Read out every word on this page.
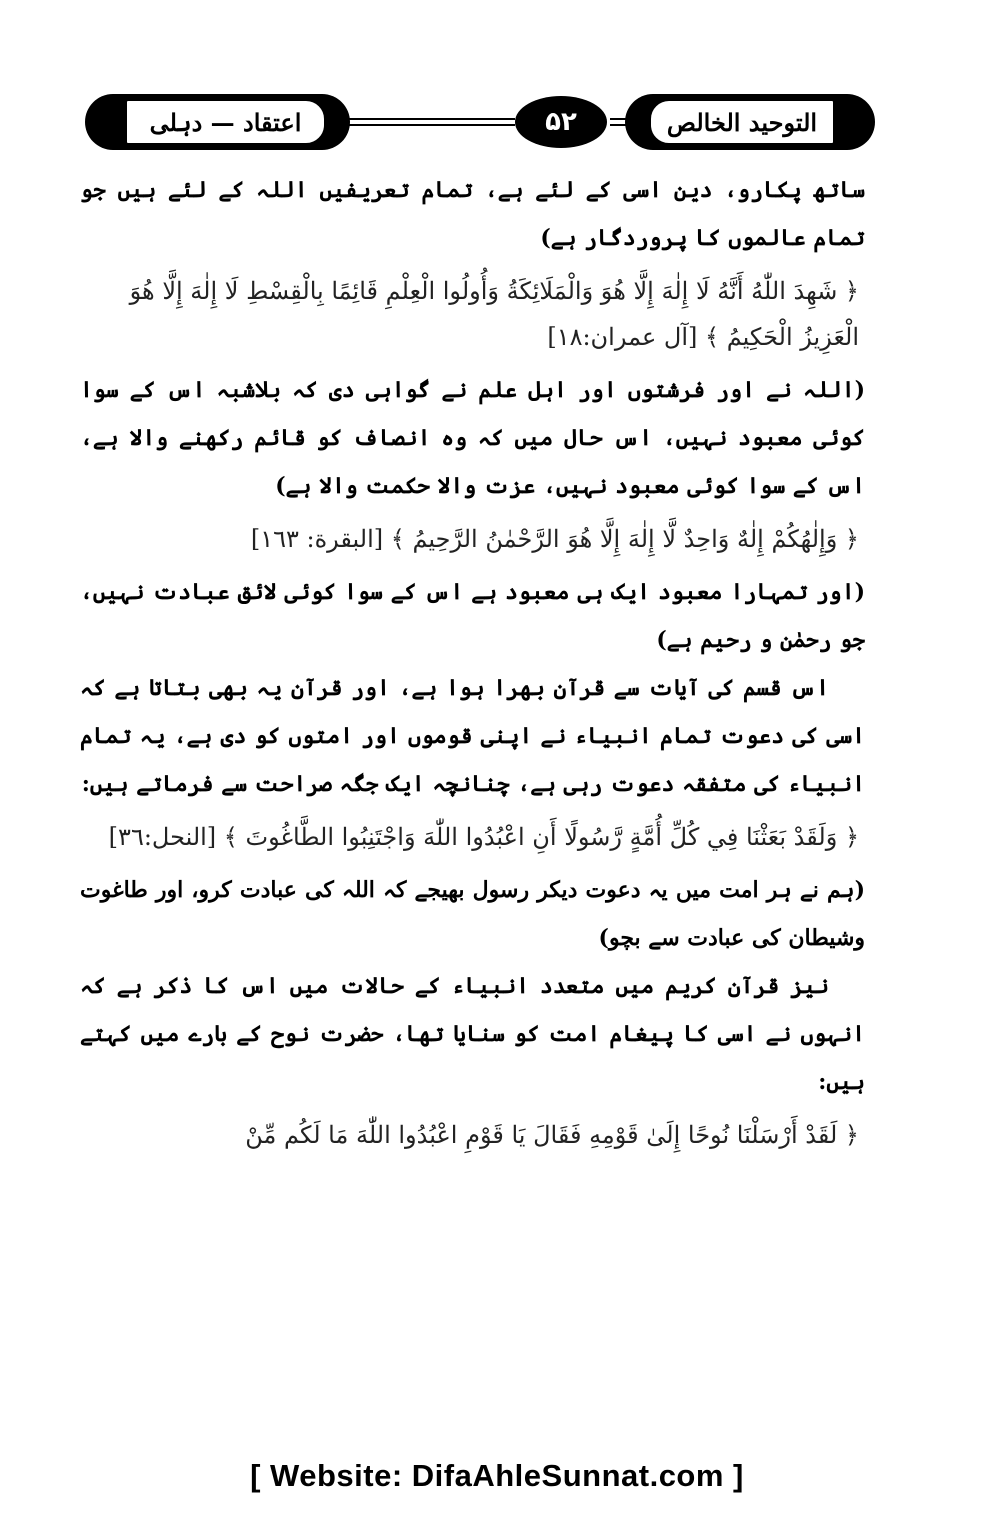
اعتقاد — دہلی	۵۲	التوحید الخالص

ساتھ پکارو، دین اسی کے لئے ہے، تمام تعریفیں اللہ کے لئے ہیں جو تمام عالموں کا پروردگار ہے)

﴿ شَهِدَ اللّٰهُ أَنَّهُ لَا إِلٰهَ إِلَّا هُوَ وَالْمَلَائِكَةُ وَأُولُوا الْعِلْمِ قَائِمًا بِالْقِسْطِ لَا إِلٰهَ إِلَّا هُوَ الْعَزِيزُ الْحَكِيمُ ﴾ [آل عمران:١٨]

(اللہ نے اور فرشتوں اور اہل علم نے گواہی دی کہ بلاشبہ اس کے سوا کوئی معبود نہیں، اس حال میں کہ وہ انصاف کو قائم رکھنے والا ہے، اس کے سوا کوئی معبود نہیں، عزت والا حکمت والا ہے)

﴿ وَإِلٰهُكُمْ إِلٰهٌ وَاحِدٌ لَّا إِلٰهَ إِلَّا هُوَ الرَّحْمٰنُ الرَّحِيمُ ﴾ [البقرة: ١٦٣]

(اور تمہارا معبود ایک ہی معبود ہے اس کے سوا کوئی لائق عبادت نہیں، جو رحمٰن و رحیم ہے)

اس قسم کی آیات سے قرآن بھرا ہوا ہے، اور قرآن یہ بھی بتاتا ہے کہ اسی کی دعوت تمام انبیاء نے اپنی قوموں اور امتوں کو دی ہے، یہ تمام انبیاء کی متفقہ دعوت رہی ہے، چنانچہ ایک جگہ صراحت سے فرماتے ہیں:

﴿ وَلَقَدْ بَعَثْنَا فِي كُلِّ أُمَّةٍ رَّسُولًا أَنِ اعْبُدُوا اللّٰهَ وَاجْتَنِبُوا الطَّاغُوتَ ﴾ [النحل:٣٦]

(ہم نے ہر امت میں یہ دعوت دیکر رسول بھیجے کہ اللہ کی عبادت کرو، اور طاغوت وشیطان کی عبادت سے بچو)

نیز قرآن کریم میں متعدد انبیاء کے حالات میں اس کا ذکر ہے کہ انہوں نے اسی کا پیغام امت کو سنایا تھا، حضرت نوح کے بارے میں کہتے ہیں:

﴿ لَقَدْ أَرْسَلْنَا نُوحًا إِلَىٰ قَوْمِهِ فَقَالَ يَا قَوْمِ اعْبُدُوا اللّٰهَ مَا لَكُم مِّنْ

[ Website: DifaAhleSunnat.com ]
